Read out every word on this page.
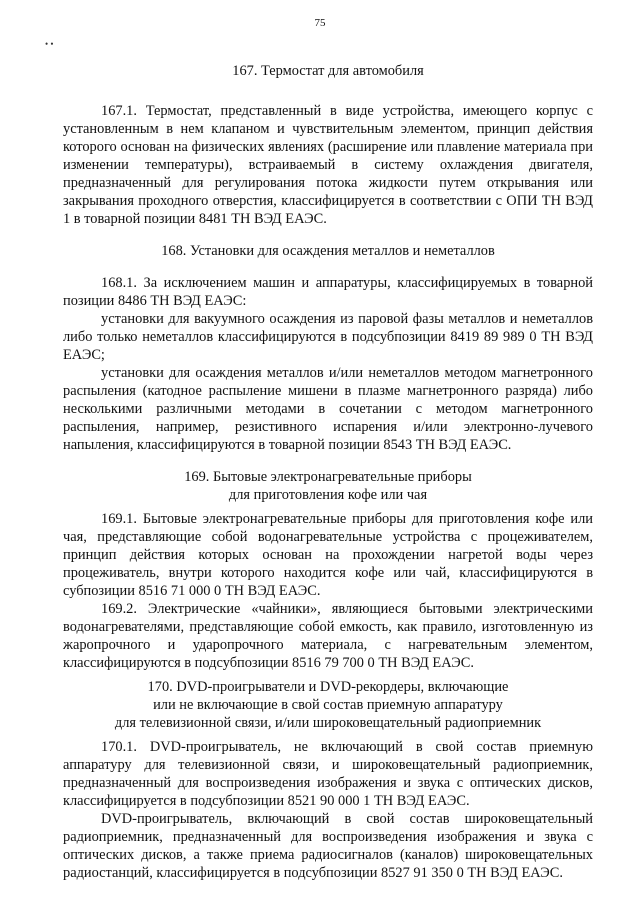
75
• •
167. Термостат для автомобиля

167.1. Термостат, представленный в виде устройства, имеющего корпус с установленным в нем клапаном и чувствительным элементом, принцип действия которого основан на физических явлениях (расширение или плавление материала при изменении температуры), встраиваемый в систему охлаждения двигателя, предназначенный для регулирования потока жидкости путем открывания или закрывания проходного отверстия, классифицируется в соответствии с ОПИ ТН ВЭД 1 в товарной позиции 8481 ТН ВЭД ЕАЭС.

168. Установки для осаждения металлов и неметаллов

168.1. За исключением машин и аппаратуры, классифицируемых в товарной позиции 8486 ТН ВЭД ЕАЭС:

установки для вакуумного осаждения из паровой фазы металлов и неметаллов либо только неметаллов классифицируются в подсубпозиции 8419 89 989 0 ТН ВЭД ЕАЭС;

установки для осаждения металлов и/или неметаллов методом магнетронного распыления (катодное распыление мишени в плазме магнетронного разряда) либо несколькими различными методами в сочетании с методом магнетронного распыления, например, резистивного испарения и/или электронно-лучевого напыления, классифицируются в товарной позиции 8543 ТН ВЭД ЕАЭС.

169. Бытовые электронагревательные приборы
для приготовления кофе или чая

169.1. Бытовые электронагревательные приборы для приготовления кофе или чая, представляющие собой водонагревательные устройства с процеживателем, принцип действия которых основан на прохождении нагретой воды через процеживатель, внутри которого находится кофе или чай, классифицируются в субпозиции 8516 71 000 0 ТН ВЭД ЕАЭС.

169.2. Электрические «чайники», являющиеся бытовыми электрическими водонагревателями, представляющие собой емкость, как правило, изготовленную из жаропрочного и ударопрочного материала, с нагревательным элементом, классифицируются в подсубпозиции 8516 79 700 0 ТН ВЭД ЕАЭС.

170. DVD-проигрыватели и DVD-рекордеры, включающие
или не включающие в свой состав приемную аппаратуру
для телевизионной связи, и/или широковещательный радиоприемник

170.1. DVD-проигрыватель, не включающий в свой состав приемную аппаратуру для телевизионной связи, и широковещательный радиоприемник, предназначенный для воспроизведения изображения и звука с оптических дисков, классифицируется в подсубпозиции 8521 90 000 1 ТН ВЭД ЕАЭС.

DVD-проигрыватель, включающий в свой состав широковещательный радиоприемник, предназначенный для воспроизведения изображения и звука с оптических дисков, а также приема радиосигналов (каналов) широковещательных радиостанций, классифицируется в подсубпозиции 8527 91 350 0 ТН ВЭД ЕАЭС.
